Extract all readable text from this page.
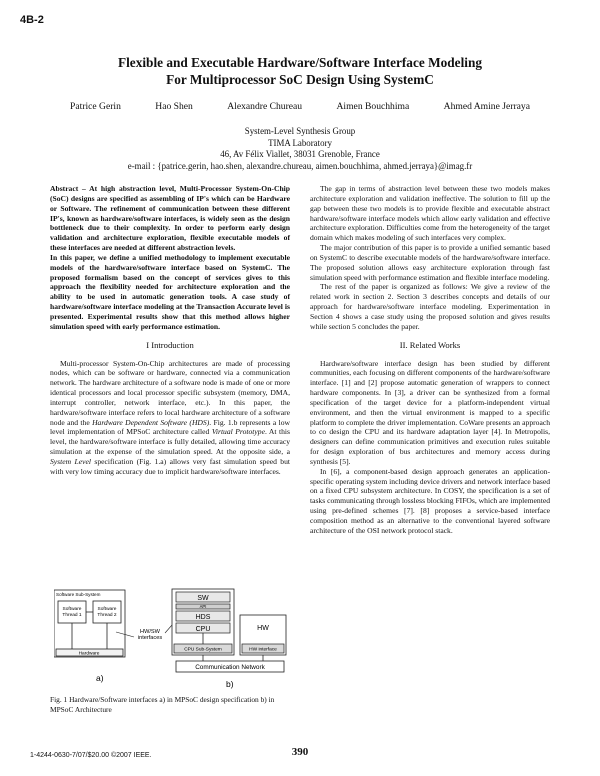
4B-2
Flexible and Executable Hardware/Software Interface Modeling
For Multiprocessor SoC Design Using SystemC
Patrice Gerin	Hao Shen	Alexandre Chureau	Aimen Bouchhima	Ahmed Amine Jerraya
System-Level Synthesis Group
TIMA Laboratory
46, Av Félix Viallet, 38031 Grenoble, France
e-mail : {patrice.gerin, hao.shen, alexandre.chureau, aimen.bouchhima, ahmed.jerraya}@imag.fr

Abstract – At high abstraction level, Multi-Processor System-On-Chip (SoC) designs are specified as assembling of IP's which can be Hardware or Software. The refinement of communication between these different IP's, known as hardware/software interfaces, is widely seen as the design bottleneck due to their complexity. In order to perform early design validation and architecture exploration, flexible executable models of these interfaces are needed at different abstraction levels.

In this paper, we define a unified methodology to implement executable models of the hardware/software interface based on SystemC. The proposed formalism based on the concept of services gives to this approach the flexibility needed for architecture exploration and the ability to be used in automatic generation tools. A case study of hardware/software interface modeling at the Transaction Accurate level is presented. Experimental results show that this method allows higher simulation speed with early performance estimation.

I Introduction

Multi-processor System-On-Chip architectures are made of processing nodes, which can be software or hardware, connected via a communication network. The hardware architecture of a software node is made of one or more identical processors and local processor specific subsystem (memory, DMA, interrupt controller, network interface, etc.). In this paper, the hardware/software interface refers to local hardware architecture of a software node and the Hardware Dependent Software (HDS). Fig. 1.b represents a low level implementation of MPSoC architecture called Virtual Prototype. At this level, the hardware/software interface is fully detailed, allowing time accuracy simulation at the expense of the simulation speed. At the opposite side, a System Level specification (Fig. 1.a) allows very fast simulation speed but with very low timing accuracy due to implicit hardware/software interfaces.

The gap in terms of abstraction level between these two models makes architecture exploration and validation ineffective. The solution to fill up the gap between these two models is to provide flexible and executable abstract hardware/software interface models which allow early validation and effective architecture exploration. Difficulties come from the heterogeneity of the target domain which makes modeling of such interfaces very complex.

The major contribution of this paper is to provide a unified semantic based on SystemC to describe executable models of the hardware/software interface. The proposed solution allows easy architecture exploration through fast simulation speed with performance estimation and flexible interface modeling.

The rest of the paper is organized as follows: We give a review of the related work in section 2. Section 3 describes concepts and details of our approach for hardware/software interface modeling. Experimentation in Section 4 shows a case study using the proposed solution and gives results while section 5 concludes the paper.

II. Related Works

Hardware/software interface design has been studied by different communities, each focusing on different components of the hardware/software interface. [1] and [2] propose automatic generation of wrappers to connect hardware components. In [3], a driver can be synthesized from a formal specification of the target device for a platform-independent virtual environment, and then the virtual environment is mapped to a specific platform to complete the driver implementation. CoWare presents an approach to co design the CPU and its hardware adaptation layer [4]. In Metropolis, designers can define communication primitives and execution rules suitable for design exploration of bus architectures and memory access during synthesis [5].

In [6], a component-based design approach generates an application-specific operating system including device drivers and network interface based on a fixed CPU subsystem architecture. In COSY, the specification is a set of tasks communicating through lossless blocking FIFOs, which are implemented using pre-defined schemes [7]. [8] proposes a service-based interface composition method as an alternative to the conventional layered software architecture of the OSI network protocol stack.

Software Sub-System
Software
Thread 1
Software
Thread 2
Hardware
a)
HW/SW
interfaces
SW
API
HDS
CPU
CPU Sub-System
HW
HW interface
Communication Network
b)
Fig. 1 Hardware/Software interfaces a) in MPSoC design specification b) in MPSoC Architecture
1-4244-0630-7/07/$20.00 ©2007 IEEE.	390
